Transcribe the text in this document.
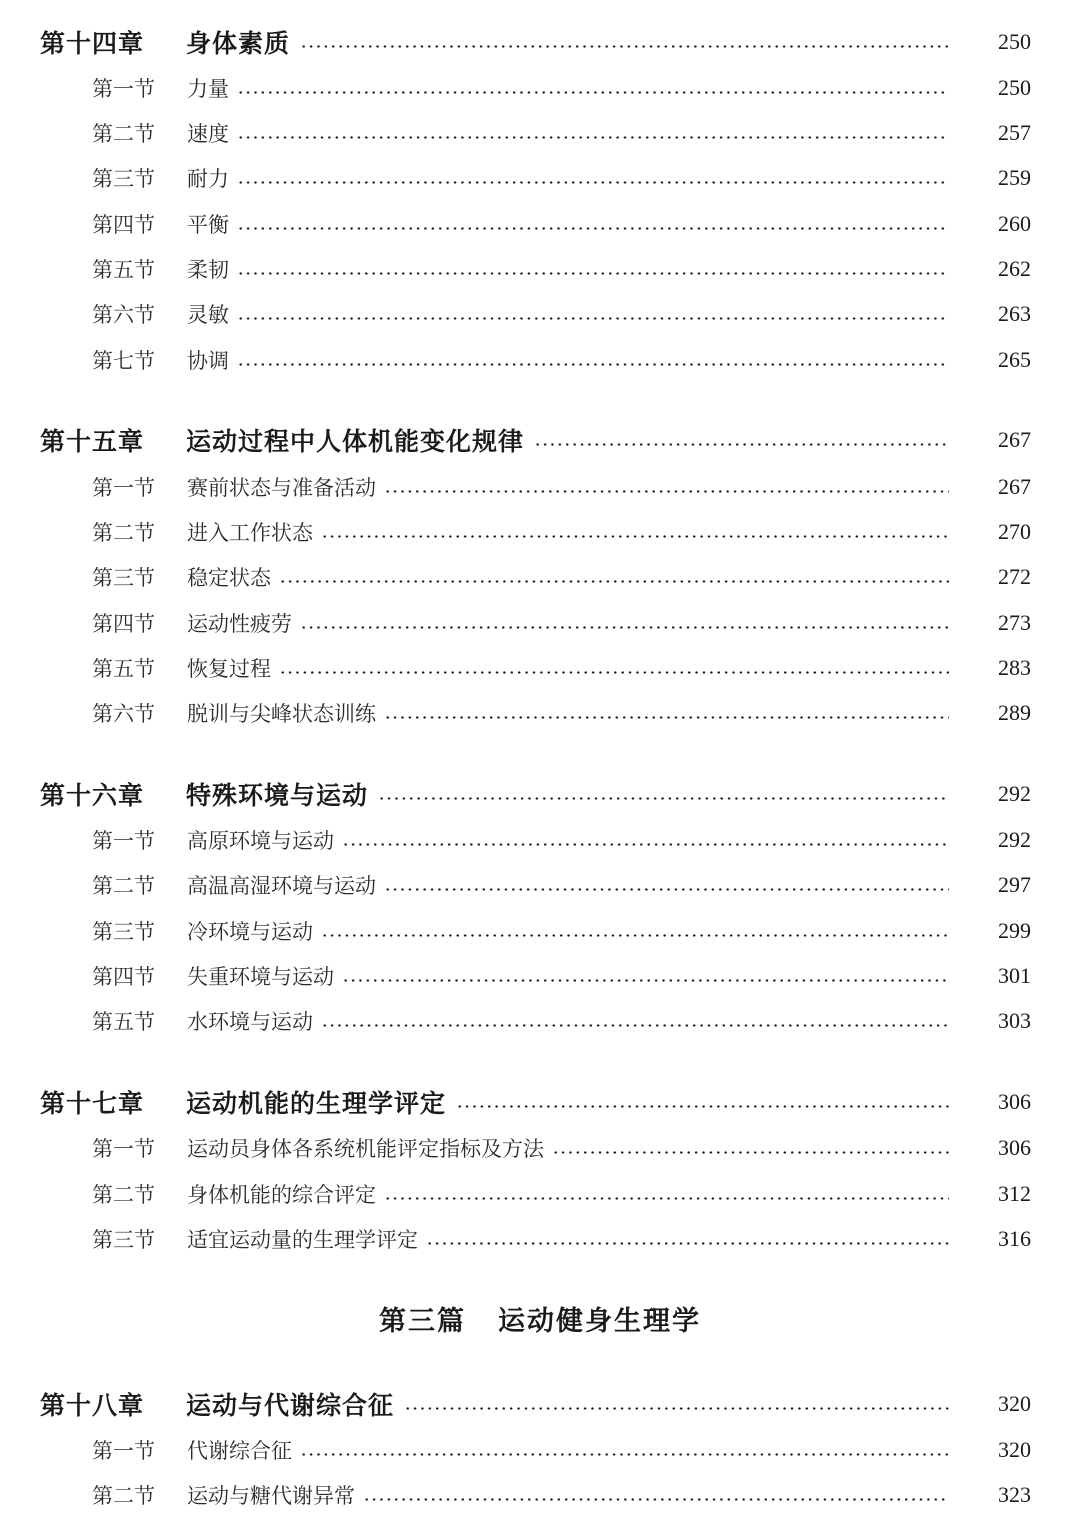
第十四章	身体素质	250
第一节	力量	250
第二节	速度	257
第三节	耐力	259
第四节	平衡	260
第五节	柔韧	262
第六节	灵敏	263
第七节	协调	265
第十五章	运动过程中人体机能变化规律	267
第一节	赛前状态与准备活动	267
第二节	进入工作状态	270
第三节	稳定状态	272
第四节	运动性疲劳	273
第五节	恢复过程	283
第六节	脱训与尖峰状态训练	289
第十六章	特殊环境与运动	292
第一节	高原环境与运动	292
第二节	高温高湿环境与运动	297
第三节	冷环境与运动	299
第四节	失重环境与运动	301
第五节	水环境与运动	303
第十七章	运动机能的生理学评定	306
第一节	运动员身体各系统机能评定指标及方法	306
第二节	身体机能的综合评定	312
第三节	适宜运动量的生理学评定	316
第三篇 运动健身生理学
第十八章	运动与代谢综合征	320
第一节	代谢综合征	320
第二节	运动与糖代谢异常	323
